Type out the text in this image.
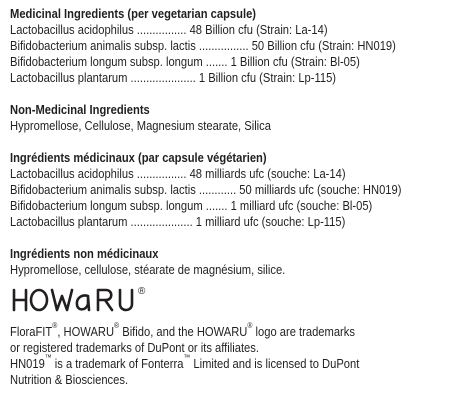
Medicinal Ingredients (per vegetarian capsule)
Lactobacillus acidophilus ................ 48 Billion cfu (Strain: La-14)
Bifidobacterium animalis subsp. lactis ................ 50 Billion cfu (Strain: HN019)
Bifidobacterium longum subsp. longum ....... 1 Billion cfu (Strain: Bl-05)
Lactobacillus plantarum ..................... 1 Billion cfu (Strain: Lp-115)
Non-Medicinal Ingredients
Hypromellose, Cellulose, Magnesium stearate, Silica
Ingrédients médicinaux (par capsule végétarien)
Lactobacillus acidophilus ................ 48 milliards ufc (souche: La-14)
Bifidobacterium animalis subsp. lactis ............ 50 milliards ufc (souche: HN019)
Bifidobacterium longum subsp. longum ....... 1 milliard ufc (souche: Bl-05)
Lactobacillus plantarum .................... 1 milliard ufc (souche: Lp-115)
Ingrédients non médicinaux
Hypromellose, cellulose, stéarate de magnésium, silice.
®
FloraFIT®, HOWARU® Bifido, and the HOWARU® logo are trademarks
or registered trademarks of DuPont or its affiliates.
HN019™ is a trademark of Fonterra™ Limited and is licensed to DuPont
Nutrition & Biosciences.
